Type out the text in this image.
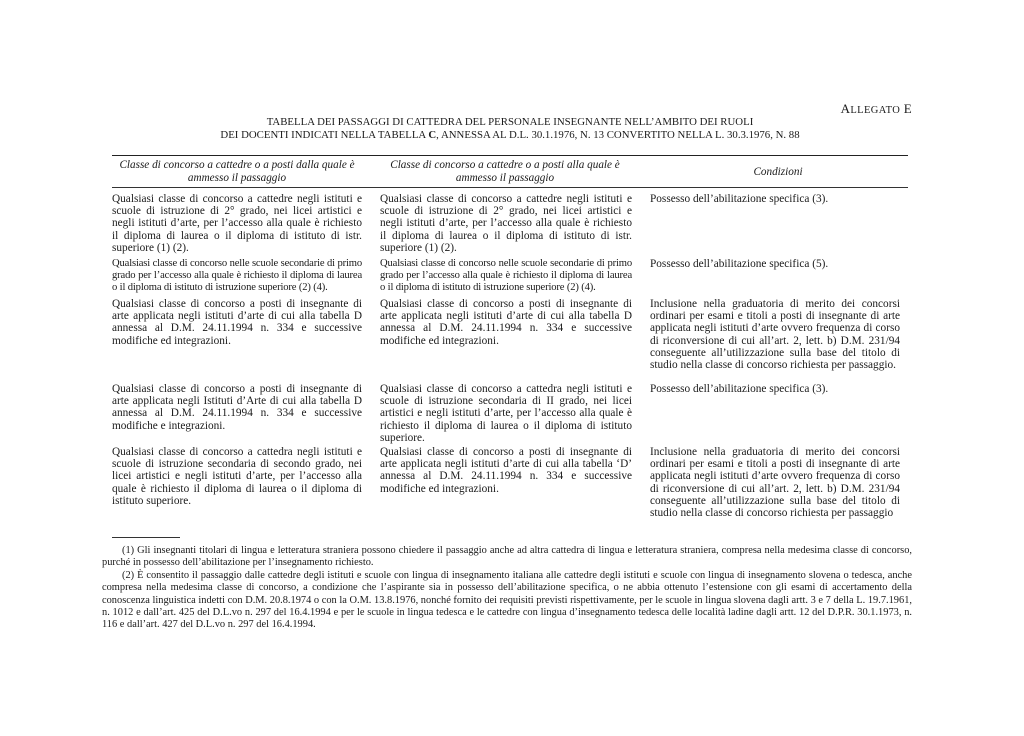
ALLEGATO E
TABELLA DEI PASSAGGI DI CATTEDRA DEL PERSONALE INSEGNANTE NELL’AMBITO DEI RUOLI
DEI DOCENTI INDICATI NELLA TABELLA C, ANNESSA AL D.L. 30.1.1976, N. 13 CONVERTITO NELLA L. 30.3.1976, N. 88
Classe di concorso a cattedre o a posti dalla quale è ammesso il passaggio
Classe di concorso a cattedre o a posti alla quale è ammesso il passaggio	Condizioni
Qualsiasi classe di concorso a cattedre negli istituti e scuole di istruzione di 2° grado, nei licei artistici e negli istituti d’arte, per l’accesso alla quale è richiesto il diploma di laurea o il diploma di istituto di istr. superiore (1) (2).
Qualsiasi classe di concorso a cattedre negli istituti e scuole di istruzione di 2° grado, nei licei artistici e negli istituti d’arte, per l’accesso alla quale è richiesto il diploma di laurea o il diploma di istituto di istr. superiore (1) (2).
Possesso dell’abilitazione specifica (3).
Qualsiasi classe di concorso nelle scuole secondarie di primo grado per l’accesso alla quale è richiesto il diploma di laurea o il diploma di istituto di istruzione superiore (2) (4).
Qualsiasi classe di concorso nelle scuole secondarie di primo grado per l’accesso alla quale è richiesto il diploma di laurea o il diploma di istituto di istruzione superiore (2) (4).
Possesso dell’abilitazione specifica (5).
Qualsiasi classe di concorso a posti di insegnante di arte applicata negli istituti d’arte di cui alla tabella D annessa al D.M. 24.11.1994 n. 334 e successive modifiche ed integrazioni.
Qualsiasi classe di concorso a posti di insegnante di arte applicata negli istituti d’arte di cui alla tabella D annessa al D.M. 24.11.1994 n. 334 e successive modifiche ed integrazioni.
Inclusione nella graduatoria di merito dei concorsi ordinari per esami e titoli a posti di insegnante di arte applicata negli istituti d’arte ovvero frequenza di corso di riconversione di cui all’art. 2, lett. b) D.M. 231/94 conseguente all’utilizzazione sulla base del titolo di studio nella classe di concorso richiesta per passaggio.
Qualsiasi classe di concorso a posti di insegnante di arte applicata negli Istituti d’Arte di cui alla tabella D annessa al D.M. 24.11.1994 n. 334 e successive modifiche e integrazioni.
Qualsiasi classe di concorso a cattedra negli istituti e scuole di istruzione secondaria di II grado, nei licei artistici e negli istituti d’arte, per l’accesso alla quale è richiesto il diploma di laurea o il diploma di istituto superiore.
Possesso dell’abilitazione specifica (3).
Qualsiasi classe di concorso a cattedra negli istituti e scuole di istruzione secondaria di secondo grado, nei licei artistici e negli istituti d’arte, per l’accesso alla quale è richiesto il diploma di laurea o il diploma di istituto superiore.
Qualsiasi classe di concorso a posti di insegnante di arte applicata negli istituti d’arte di cui alla tabella ‘D’ annessa al D.M. 24.11.1994 n. 334 e successive modifiche ed integrazioni.
Inclusione nella graduatoria di merito dei concorsi ordinari per esami e titoli a posti di insegnante di arte applicata negli istituti d’arte ovvero frequenza di corso di riconversione di cui all’art. 2, lett. b) D.M. 231/94 conseguente all’utilizzazione sulla base del titolo di studio nella classe di concorso richiesta per passaggio

(1) Gli insegnanti titolari di lingua e letteratura straniera possono chiedere il passaggio anche ad altra cattedra di lingua e letteratura straniera, compresa nella medesima classe di concorso, purché in possesso dell’abilitazione per l’insegnamento richiesto.

(2) È consentito il passaggio dalle cattedre degli istituti e scuole con lingua di insegnamento italiana alle cattedre degli istituti e scuole con lingua di insegnamento slovena o tedesca, anche compresa nella medesima classe di concorso, a condizione che l’aspirante sia in possesso dell’abilitazione specifica, o ne abbia ottenuto l’estensione con gli esami di accertamento della conoscenza linguistica indetti con D.M. 20.8.1974 o con la O.M. 13.8.1976, nonché fornito dei requisiti previsti rispettivamente, per le scuole in lingua slovena dagli artt. 3 e 7 della L. 19.7.1961, n. 1012 e dall’art. 425 del D.L.vo n. 297 del 16.4.1994 e per le scuole in lingua tedesca e le cattedre con lingua d’insegnamento tedesca delle località ladine dagli artt. 12 del D.P.R. 30.1.1973, n. 116 e dall’art. 427 del D.L.vo n. 297 del 16.4.1994.
